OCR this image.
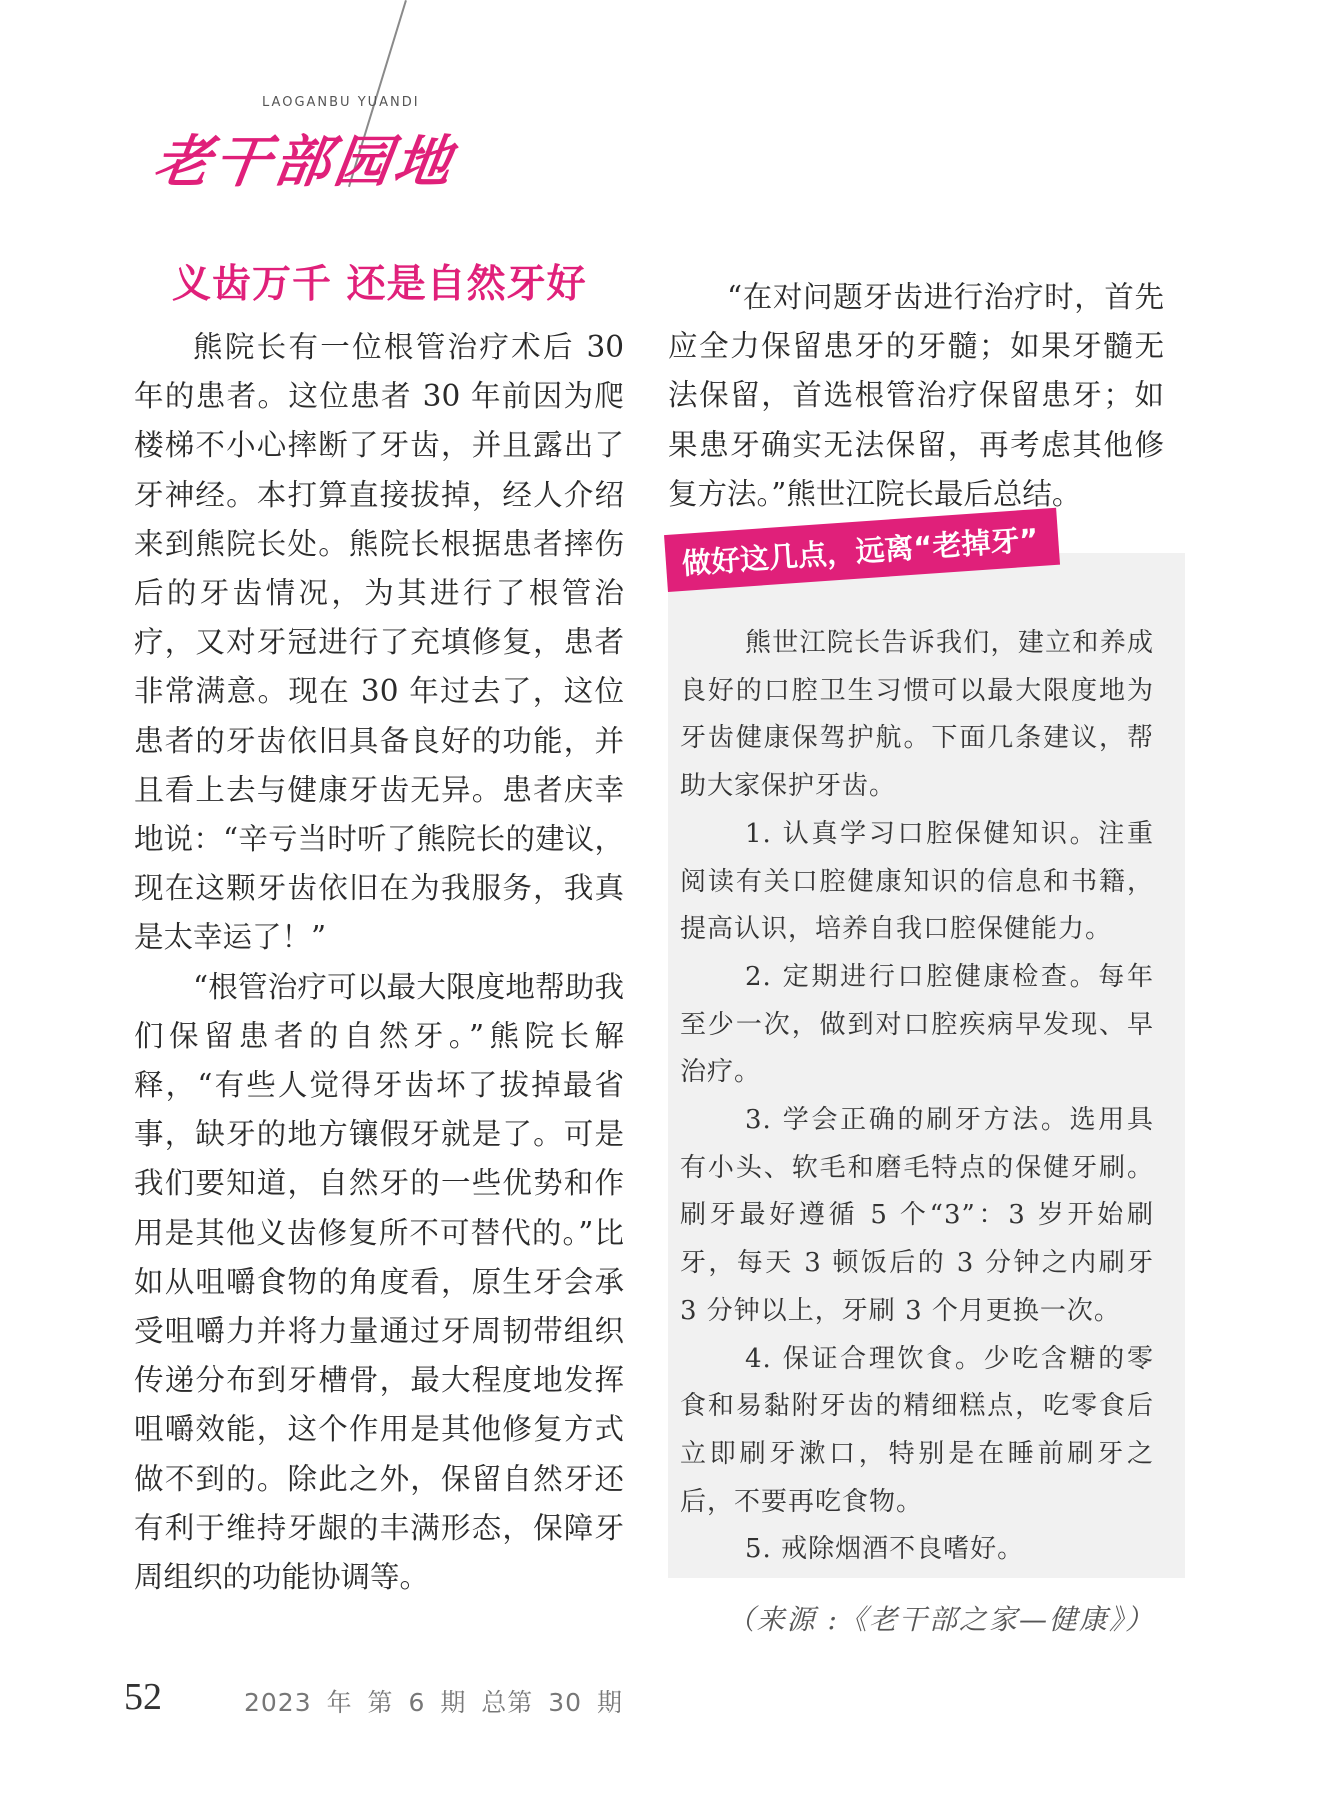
LAOGANBU YUANDI
老干部园地
义齿万千 还是自然牙好

熊院长有一位根管治疗术后 30 年的患者。这位患者 30 年前因为爬楼梯不小心摔断了牙齿，并且露出了牙神经。本打算直接拔掉，经人介绍来到熊院长处。熊院长根据患者摔伤后的牙齿情况，为其进行了根管治疗，又对牙冠进行了充填修复，患者非常满意。现在 30 年过去了，这位患者的牙齿依旧具备良好的功能，并且看上去与健康牙齿无异。患者庆幸地说：“辛亏当时听了熊院长的建议，现在这颗牙齿依旧在为我服务，我真是太幸运了！”

“根管治疗可以最大限度地帮助我们保留患者的自然牙。”熊院长解释，“有些人觉得牙齿坏了拔掉最省事，缺牙的地方镶假牙就是了。可是我们要知道，自然牙的一些优势和作用是其他义齿修复所不可替代的。”比如从咀嚼食物的角度看，原生牙会承受咀嚼力并将力量通过牙周韧带组织传递分布到牙槽骨，最大程度地发挥咀嚼效能，这个作用是其他修复方式做不到的。除此之外，保留自然牙还有利于维持牙龈的丰满形态，保障牙周组织的功能协调等。

“在对问题牙齿进行治疗时，首先应全力保留患牙的牙髓；如果牙髓无法保留，首选根管治疗保留患牙；如果患牙确实无法保留，再考虑其他修复方法。”熊世江院长最后总结。

做好这几点，远离“老掉牙”

熊世江院长告诉我们，建立和养成良好的口腔卫生习惯可以最大限度地为牙齿健康保驾护航。下面几条建议，帮助大家保护牙齿。

1. 认真学习口腔保健知识。注重阅读有关口腔健康知识的信息和书籍，提高认识，培养自我口腔保健能力。

2. 定期进行口腔健康检查。每年至少一次，做到对口腔疾病早发现、早治疗。

3. 学会正确的刷牙方法。选用具有小头、软毛和磨毛特点的保健牙刷。刷牙最好遵循 5 个“3”：3 岁开始刷牙，每天 3 顿饭后的 3 分钟之内刷牙 3 分钟以上，牙刷 3 个月更换一次。

4. 保证合理饮食。少吃含糖的零食和易黏附牙齿的精细糕点，吃零食后立即刷牙漱口，特别是在睡前刷牙之后，不要再吃食物。

5. 戒除烟酒不良嗜好。

（来源 :《老干部之家—健康》）
52	2023 年 第 6 期 总第 30 期
